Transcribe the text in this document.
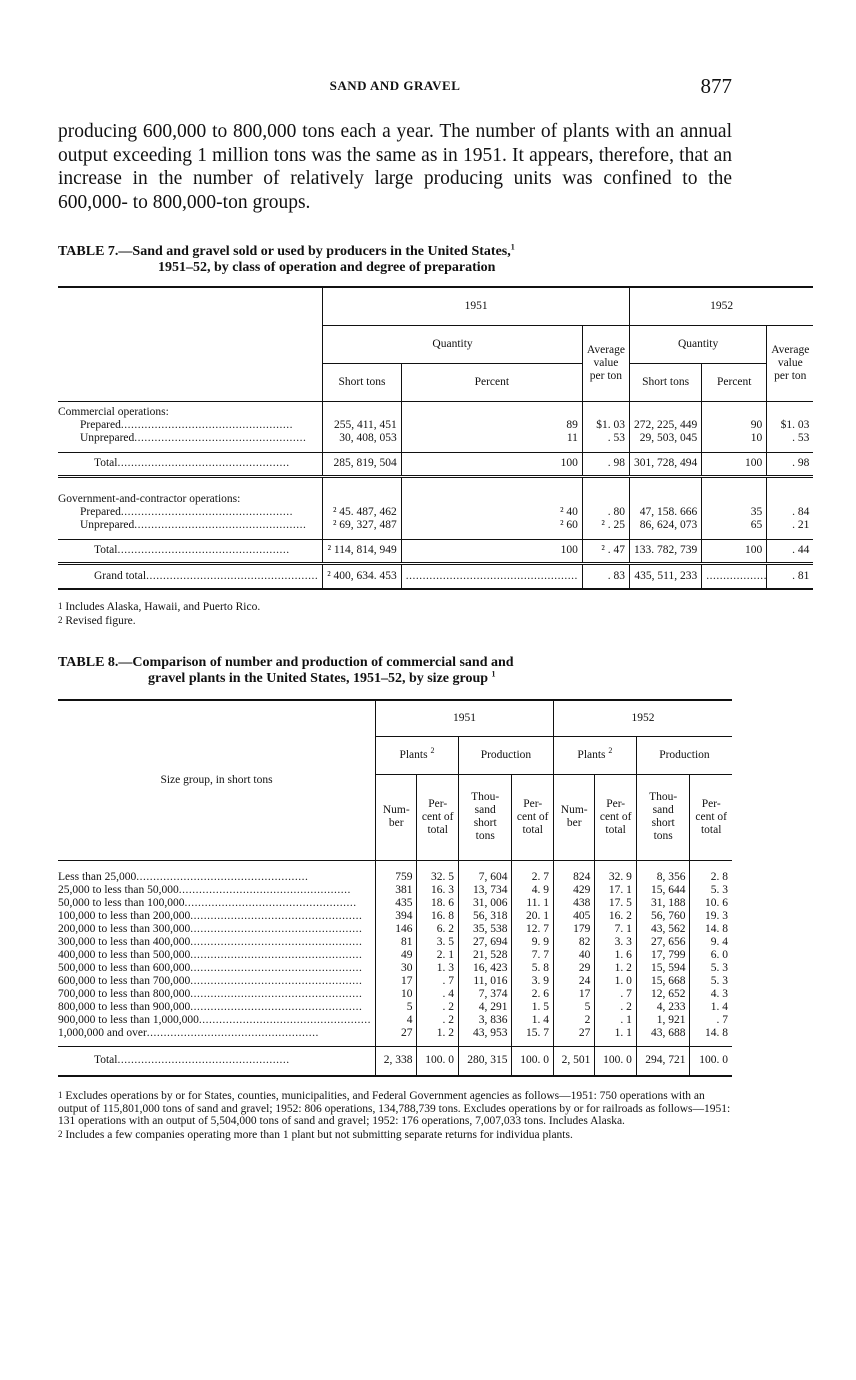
SAND AND GRAVEL	877

producing 600,000 to 800,000 tons each a year. The number of plants with an annual output exceeding 1 million tons was the same as in 1951. It appears, therefore, that an increase in the number of relatively large producing units was confined to the 600,000- to 800,000-ton groups.

TABLE 7.—Sand and gravel sold or used by producers in the United States,$^1$
1951–52, by class of operation and degree of preparation

	1951			1952		
	Quantity		Average value per ton	Quantity		Average value per ton
	Short tons	Percent		Short tons	Percent	
Commercial operations:						
Prepared .....	255, 411, 451	89	$1. 03	272, 225, 449	90	$1. 03
Unprepared .....	30, 408, 053	11	. 53	29, 503, 045	10	. 53
Total .....	285, 819, 504	100	. 98	301, 728, 494	100	. 98
Government-and-contractor operations:						
Prepared .....	² 45. 487, 462	² 40	. 80	47, 158. 666	35	. 84
Unprepared .....	² 69, 327, 487	² 60	² . 25	86, 624, 073	65	. 21
Total .....	² 114, 814, 949	100	² . 47	133. 782, 739	100	. 44
Grand total .....	² 400, 634. 453	.....	. 83	435, 511, 233	.....	. 81

1 Includes Alaska, Hawaii, and Puerto Rico.

2 Revised figure.

TABLE 8.—Comparison of number and production of commercial sand and
gravel plants in the United States, 1951–52, by size group $^1$

Size group, in short tons	1951				1952			
	Plants $^2$		Production		Plants $^2$		Production	
	Num-ber	Per-cent of total	Thou-sand short tons	Per-cent of total	Num-ber	Per-cent of total	Thou-sand short tons	Per-cent of total
Less than 25,000 .....	759	32. 5	7, 604	2. 7	824	32. 9	8, 356	2. 8
25,000 to less than 50,000 .....	381	16. 3	13, 734	4. 9	429	17. 1	15, 644	5. 3
50,000 to less than 100,000 .....	435	18. 6	31, 006	11. 1	438	17. 5	31, 188	10. 6
100,000 to less than 200,000 .....	394	16. 8	56, 318	20. 1	405	16. 2	56, 760	19. 3
200,000 to less than 300,000 .....	146	6. 2	35, 538	12. 7	179	7. 1	43, 562	14. 8
300,000 to less than 400,000 .....	81	3. 5	27, 694	9. 9	82	3. 3	27, 656	9. 4
400,000 to less than 500,000 .....	49	2. 1	21, 528	7. 7	40	1. 6	17, 799	6. 0
500,000 to less than 600,000 .....	30	1. 3	16, 423	5. 8	29	1. 2	15, 594	5. 3
600,000 to less than 700,000 .....	17	. 7	11, 016	3. 9	24	1. 0	15, 668	5. 3
700,000 to less than 800,000 .....	10	. 4	7, 374	2. 6	17	. 7	12, 652	4. 3
800,000 to less than 900,000 .....	5	. 2	4, 291	1. 5	5	. 2	4, 233	1. 4
900,000 to less than 1,000,000 .....	4	. 2	3, 836	1. 4	2	. 1	1, 921	. 7
1,000,000 and over .....	27	1. 2	43, 953	15. 7	27	1. 1	43, 688	14. 8

Total .....	2, 338	100. 0	280, 315	100. 0	2, 501	100. 0	294, 721	100. 0

1 Excludes operations by or for States, counties, municipalities, and Federal Government agencies as follows—1951: 750 operations with an output of 115,801,000 tons of sand and gravel; 1952: 806 operations, 134,788,739 tons. Excludes operations by or for railroads as follows—1951: 131 operations with an output of 5,504,000 tons of sand and gravel; 1952: 176 operations, 7,007,033 tons. Includes Alaska.

2 Includes a few companies operating more than 1 plant but not submitting separate returns for individua plants.
